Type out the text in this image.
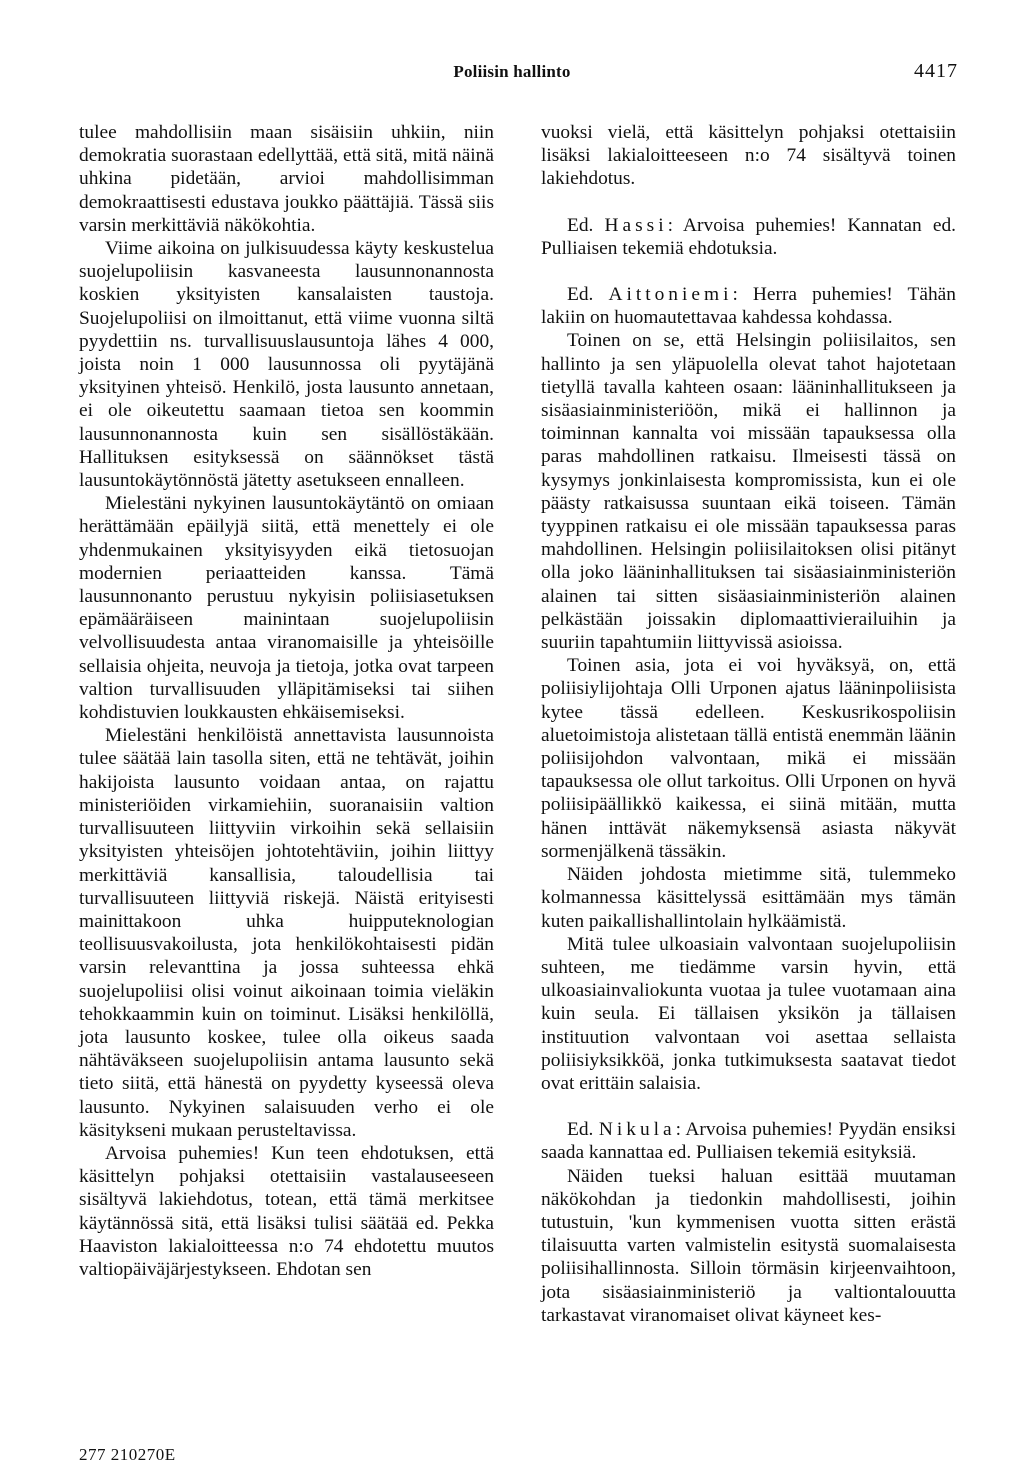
Poliisin hallinto	4417

tulee mahdollisiin maan sisäisiin uhkiin, niin demokratia suorastaan edellyttää, että sitä, mitä näinä uhkina pidetään, arvioi mahdollisimman demokraattisesti edustava joukko päättäjiä. Tässä siis varsin merkittäviä näkökohtia.

Viime aikoina on julkisuudessa käyty keskustelua suojelupoliisin kasvaneesta lausunnonannosta koskien yksityisten kansalaisten taustoja. Suojelupoliisi on ilmoittanut, että viime vuonna siltä pyydettiin ns. turvallisuuslausuntoja lähes 4 000, joista noin 1 000 lausunnossa oli pyytäjänä yksityinen yhteisö. Henkilö, josta lausunto annetaan, ei ole oikeutettu saamaan tietoa sen koommin lausunnonannosta kuin sen sisällöstäkään. Hallituksen esityksessä on säännökset tästä lausuntokäytönnöstä jätetty asetukseen ennalleen.

Mielestäni nykyinen lausuntokäytäntö on omiaan herättämään epäilyjä siitä, että menettely ei ole yhdenmukainen yksityisyyden eikä tietosuojan modernien periaatteiden kanssa. Tämä lausunnonanto perustuu nykyisin poliisiasetuksen epämääräiseen mainintaan suojelupoliisin velvollisuudesta antaa viranomaisille ja yhteisöille sellaisia ohjeita, neuvoja ja tietoja, jotka ovat tarpeen valtion turvallisuuden ylläpitämiseksi tai siihen kohdistuvien loukkausten ehkäisemiseksi.

Mielestäni henkilöistä annettavista lausunnoista tulee säätää lain tasolla siten, että ne tehtävät, joihin hakijoista lausunto voidaan antaa, on rajattu ministeriöiden virkamiehiin, suoranaisiin valtion turvallisuuteen liittyviin virkoihin sekä sellaisiin yksityisten yhteisöjen johtotehtäviin, joihin liittyy merkittäviä kansallisia, taloudellisia tai turvallisuuteen liittyviä riskejä. Näistä erityisesti mainittakoon uhka huipputeknologian teollisuusvakoilusta, jota henkilökohtaisesti pidän varsin relevanttina ja jossa suhteessa ehkä suojelupoliisi olisi voinut aikoinaan toimia vieläkin tehokkaammin kuin on toiminut. Lisäksi henkilöllä, jota lausunto koskee, tulee olla oikeus saada nähtäväkseen suojelupoliisin antama lausunto sekä tieto siitä, että hänestä on pyydetty kyseessä oleva lausunto. Nykyinen salaisuuden verho ei ole käsitykseni mukaan perusteltavissa.

Arvoisa puhemies! Kun teen ehdotuksen, että käsittelyn pohjaksi otettaisiin vastalauseeseen sisältyvä lakiehdotus, totean, että tämä merkitsee käytännössä sitä, että lisäksi tulisi säätää ed. Pekka Haaviston lakialoitteessa n:o 74 ehdotettu muutos valtiopäiväjärjestykseen. Ehdotan sen

vuoksi vielä, että käsittelyn pohjaksi otettaisiin lisäksi lakialoitteeseen n:o 74 sisältyvä toinen lakiehdotus.

Ed. Hassi: Arvoisa puhemies! Kannatan ed. Pulliaisen tekemiä ehdotuksia.

Ed. Aittoniemi: Herra puhemies! Tähän lakiin on huomautettavaa kahdessa kohdassa.

Toinen on se, että Helsingin poliisilaitos, sen hallinto ja sen yläpuolella olevat tahot hajotetaan tietyllä tavalla kahteen osaan: lääninhallitukseen ja sisäasiainministeriöön, mikä ei hallinnon ja toiminnan kannalta voi missään tapauksessa olla paras mahdollinen ratkaisu. Ilmeisesti tässä on kysymys jonkinlaisesta kompromissista, kun ei ole päästy ratkaisussa suuntaan eikä toiseen. Tämän tyyppinen ratkaisu ei ole missään tapauksessa paras mahdollinen. Helsingin poliisilaitoksen olisi pitänyt olla joko lääninhallituksen tai sisäasiainministeriön alainen tai sitten sisäasiainministeriön alainen pelkästään joissakin diplomaattivierailuihin ja suuriin tapahtumiin liittyvissä asioissa.

Toinen asia, jota ei voi hyväksyä, on, että poliisiylijohtaja Olli Urponen ajatus lääninpoliisista kytee tässä edelleen. Keskusrikospoliisin aluetoimistoja alistetaan tällä entistä enemmän läänin poliisijohdon valvontaan, mikä ei missään tapauksessa ole ollut tarkoitus. Olli Urponen on hyvä poliisipäällikkö kaikessa, ei siinä mitään, mutta hänen inttävät näkemyksensä asiasta näkyvät sormenjälkenä tässäkin.

Näiden johdosta mietimme sitä, tulemmeko kolmannessa käsittelyssä esittämään mys tämän kuten paikallishallintolain hylkäämistä.

Mitä tulee ulkoasiain valvontaan suojelupoliisin suhteen, me tiedämme varsin hyvin, että ulkoasiainvaliokunta vuotaa ja tulee vuotamaan aina kuin seula. Ei tällaisen yksikön ja tällaisen instituution valvontaan voi asettaa sellaista poliisiyksikköä, jonka tutkimuksesta saatavat tiedot ovat erittäin salaisia.

Ed. Nikula: Arvoisa puhemies! Pyydän ensiksi saada kannattaa ed. Pulliaisen tekemiä esityksiä.

Näiden tueksi haluan esittää muutaman näkökohdan ja tiedonkin mahdollisesti, joihin tutustuin, 'kun kymmenisen vuotta sitten erästä tilaisuutta varten valmistelin esitystä suomalaisesta poliisihallinnosta. Silloin törmäsin kirjeenvaihtoon, jota sisäasiainministeriö ja valtiontalouutta tarkastavat viranomaiset olivat käyneet kes-

277 210270E
